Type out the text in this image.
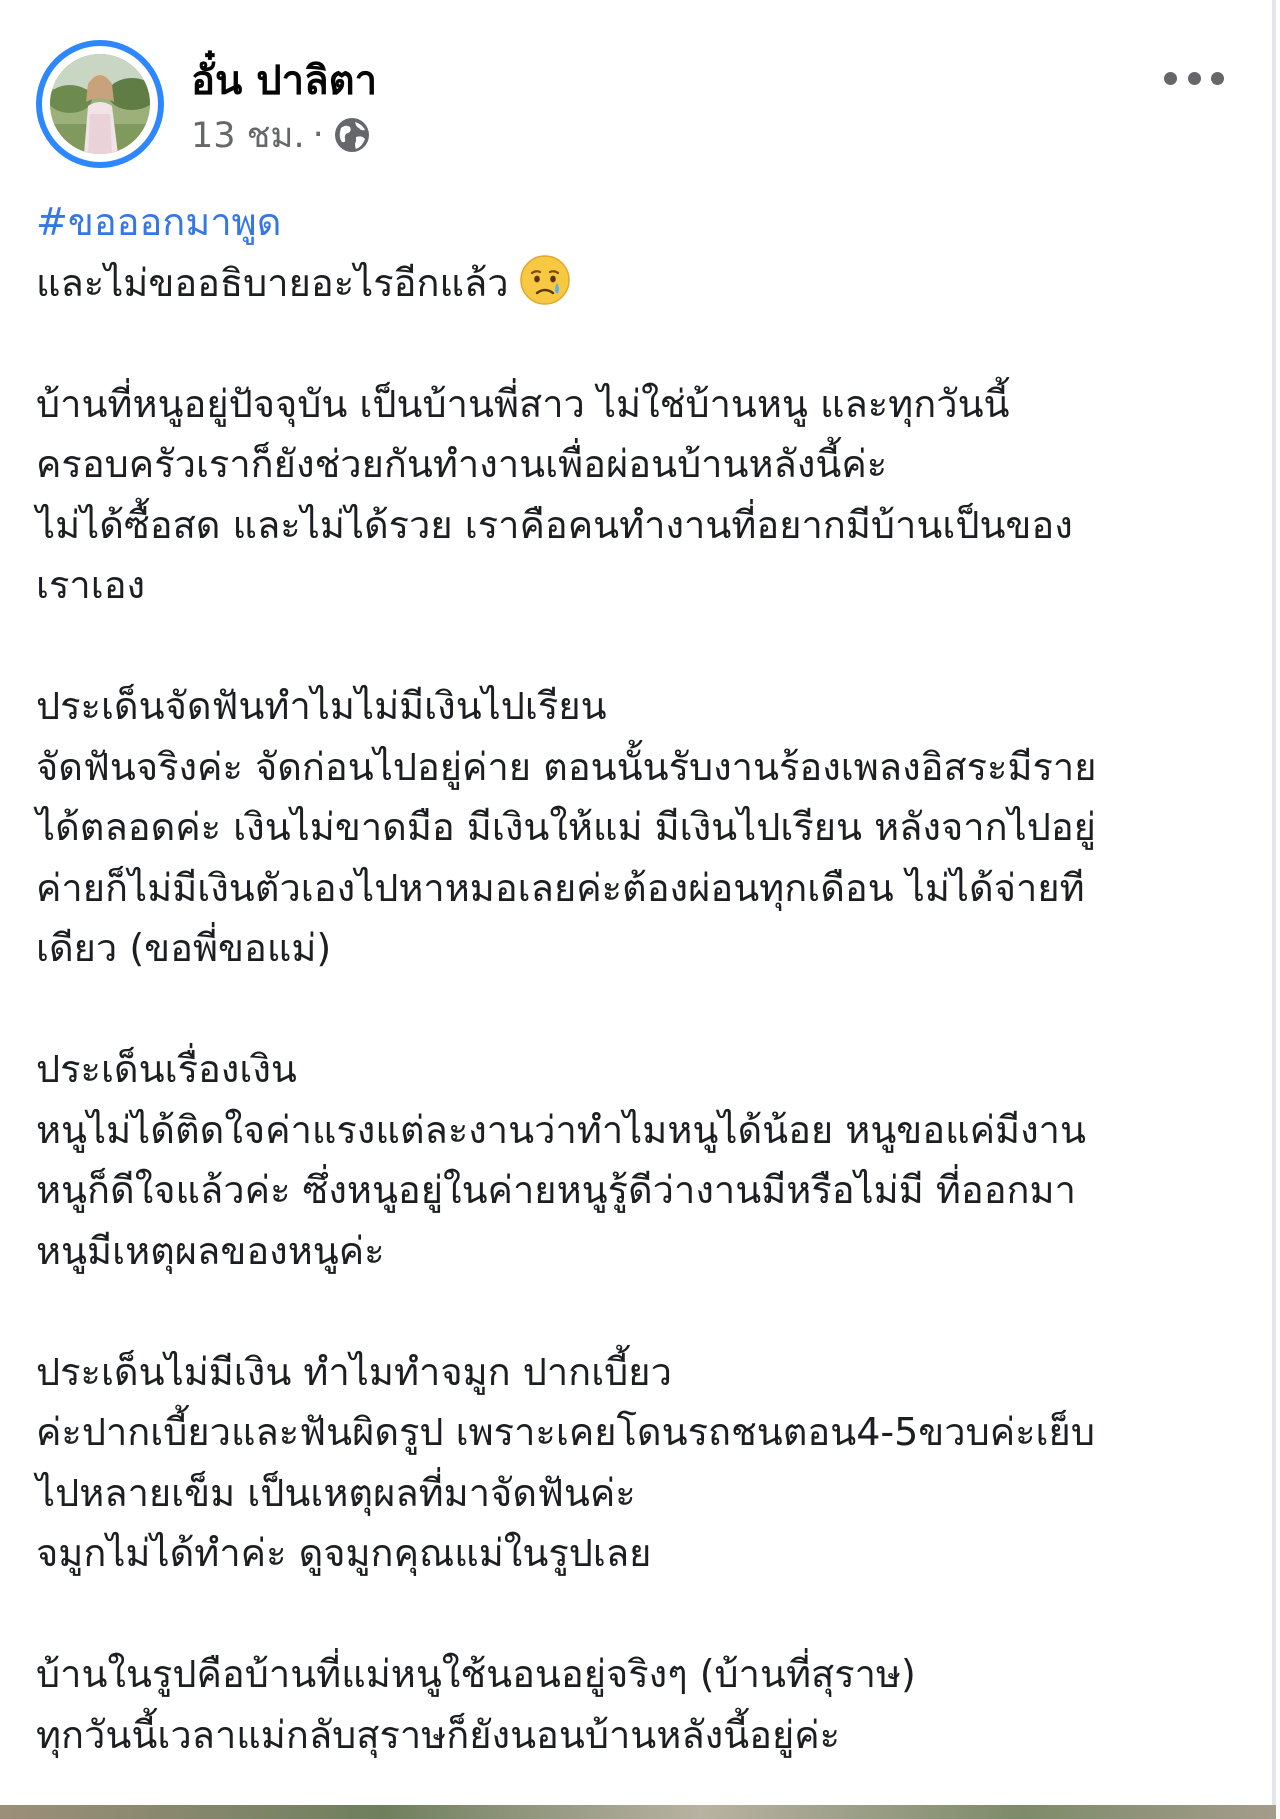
อั๋น ปาลิตา
13 ชม. ·
#ขอออกมาพูด
และไม่ขออธิบายอะไรอีกแล้ว
บ้านที่หนูอยู่ปัจจุบัน เป็นบ้านพี่สาว ไม่ใช่บ้านหนู และทุกวันนี้
ครอบครัวเราก็ยังช่วยกันทำงานเพื่อผ่อนบ้านหลังนี้ค่ะ
ไม่ได้ซื้อสด และไม่ได้รวย เราคือคนทำงานที่อยากมีบ้านเป็นของ
เราเอง
ประเด็นจัดฟันทำไมไม่มีเงินไปเรียน
จัดฟันจริงค่ะ จัดก่อนไปอยู่ค่าย ตอนนั้นรับงานร้องเพลงอิสระมีราย
ได้ตลอดค่ะ เงินไม่ขาดมือ มีเงินให้แม่ มีเงินไปเรียน หลังจากไปอยู่
ค่ายก็ไม่มีเงินตัวเองไปหาหมอเลยค่ะต้องผ่อนทุกเดือน ไม่ได้จ่ายที
เดียว (ขอพี่ขอแม่)
ประเด็นเรื่องเงิน
หนูไม่ได้ติดใจค่าแรงแต่ละงานว่าทำไมหนูได้น้อย หนูขอแค่มีงาน
หนูก็ดีใจแล้วค่ะ ซึ่งหนูอยู่ในค่ายหนูรู้ดีว่างานมีหรือไม่มี ที่ออกมา
หนูมีเหตุผลของหนูค่ะ
ประเด็นไม่มีเงิน ทำไมทำจมูก ปากเบี้ยว
ค่ะปากเบี้ยวและฟันผิดรูป เพราะเคยโดนรถชนตอน4-5ขวบค่ะเย็บ
ไปหลายเข็ม เป็นเหตุผลที่มาจัดฟันค่ะ
จมูกไม่ได้ทำค่ะ ดูจมูกคุณแม่ในรูปเลย
บ้านในรูปคือบ้านที่แม่หนูใช้นอนอยู่จริงๆ (บ้านที่สุราษ)
ทุกวันนี้เวลาแม่กลับสุราษก็ยังนอนบ้านหลังนี้อยู่ค่ะ
